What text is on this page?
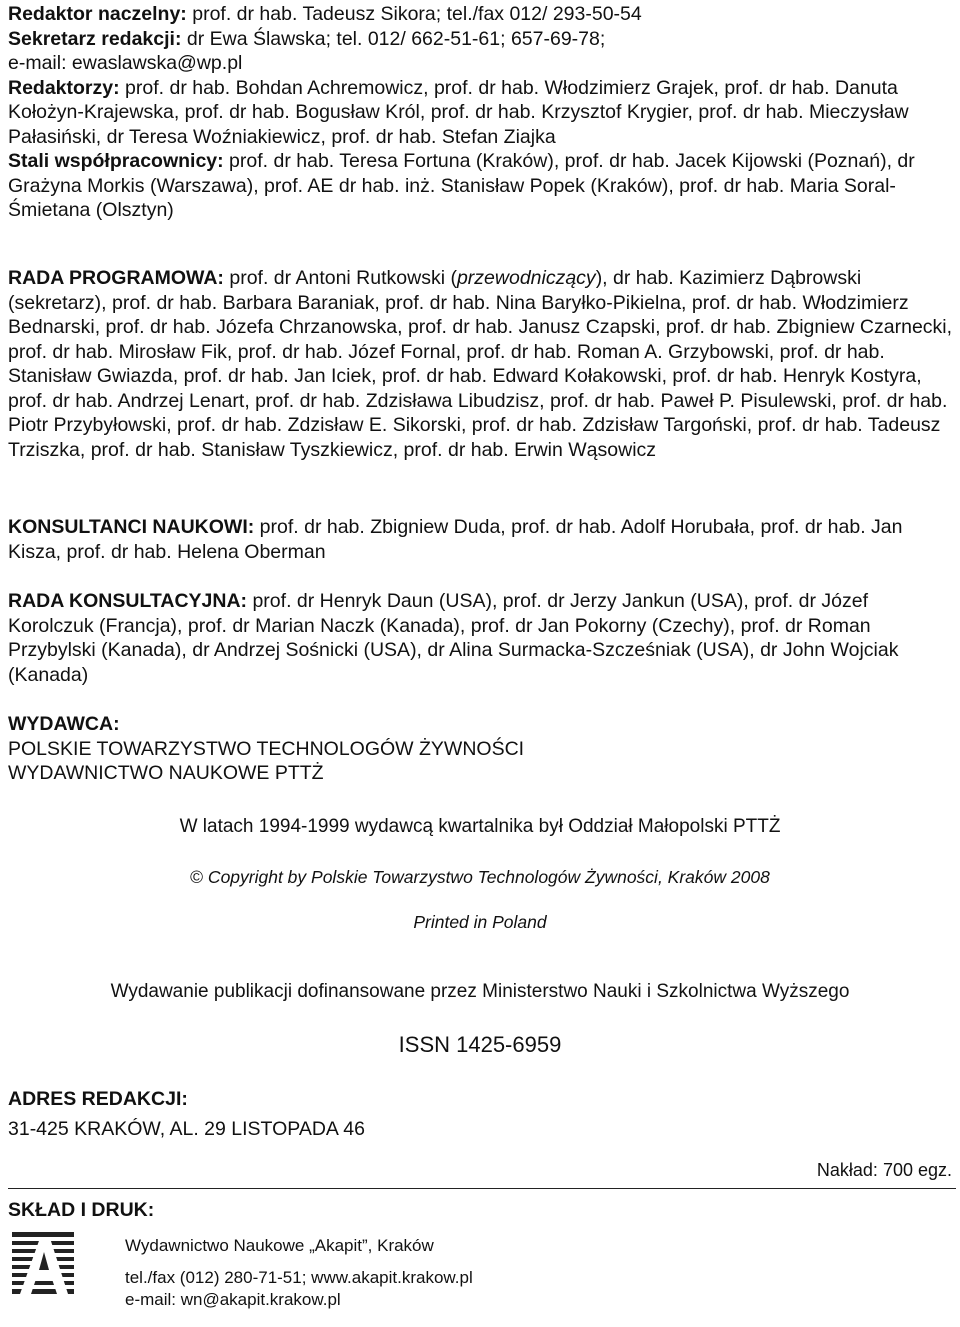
Redaktor naczelny: prof. dr hab. Tadeusz Sikora; tel./fax 012/ 293-50-54
Sekretarz redakcji: dr Ewa Ślawska; tel. 012/ 662-51-61; 657-69-78;
e-mail: ewaslawska@wp.pl
Redaktorzy: prof. dr hab. Bohdan Achremowicz, prof. dr hab. Włodzimierz Grajek, prof. dr hab. Danuta Kołożyn-Krajewska, prof. dr hab. Bogusław Król, prof. dr hab. Krzysztof Krygier, prof. dr hab. Mieczysław Pałasiński, dr Teresa Woźniakiewicz, prof. dr hab. Stefan Ziajka
Stali współpracownicy: prof. dr hab. Teresa Fortuna (Kraków), prof. dr hab. Jacek Kijowski (Poznań), dr Grażyna Morkis (Warszawa), prof. AE dr hab. inż. Stanisław Popek (Kraków), prof. dr hab. Maria Soral-Śmietana (Olsztyn)
RADA PROGRAMOWA: prof. dr Antoni Rutkowski (przewodniczący), dr hab. Kazimierz Dąbrowski (sekretarz), prof. dr hab. Barbara Baraniak, prof. dr hab. Nina Baryłko-Pikielna, prof. dr hab. Włodzimierz Bednarski, prof. dr hab. Józefa Chrzanowska, prof. dr hab. Janusz Czapski, prof. dr hab. Zbigniew Czarnecki, prof. dr hab. Mirosław Fik, prof. dr hab. Józef Fornal, prof. dr hab. Roman A. Grzybowski, prof. dr hab. Stanisław Gwiazda, prof. dr hab. Jan Iciek, prof. dr hab. Edward Kołakowski, prof. dr hab. Henryk Kostyra, prof. dr hab. Andrzej Lenart, prof. dr hab. Zdzisława Libudzisz, prof. dr hab. Paweł P. Pisulewski, prof. dr hab. Piotr Przybyłowski, prof. dr hab. Zdzisław E. Sikorski, prof. dr hab. Zdzisław Targoński, prof. dr hab. Tadeusz Trziszka, prof. dr hab. Stanisław Tyszkiewicz, prof. dr hab. Erwin Wąsowicz
KONSULTANCI NAUKOWI: prof. dr hab. Zbigniew Duda, prof. dr hab. Adolf Horubała, prof. dr hab. Jan Kisza, prof. dr hab. Helena Oberman
RADA KONSULTACYJNA: prof. dr Henryk Daun (USA), prof. dr Jerzy Jankun (USA), prof. dr Józef Korolczuk (Francja), prof. dr Marian Naczk (Kanada), prof. dr Jan Pokorny (Czechy), prof. dr Roman Przybylski (Kanada), dr Andrzej Sośnicki (USA), dr Alina Surmacka-Szcześniak (USA), dr John Wojciak (Kanada)
WYDAWCA:
POLSKIE TOWARZYSTWO TECHNOLOGÓW ŻYWNOŚCI
WYDAWNICTWO NAUKOWE PTTŻ
W latach 1994-1999 wydawcą kwartalnika był Oddział Małopolski PTTŻ
© Copyright by Polskie Towarzystwo Technologów Żywności, Kraków 2008
Printed in Poland
Wydawanie publikacji dofinansowane przez Ministerstwo Nauki i Szkolnictwa Wyższego
ISSN 1425-6959
ADRES REDAKCJI:
31-425 KRAKÓW, AL. 29 LISTOPADA 46
Nakład: 700 egz.
SKŁAD I DRUK:
Wydawnictwo Naukowe „Akapit”, Kraków
tel./fax (012) 280-71-51; www.akapit.krakow.pl
e-mail: wn@akapit.krakow.pl
